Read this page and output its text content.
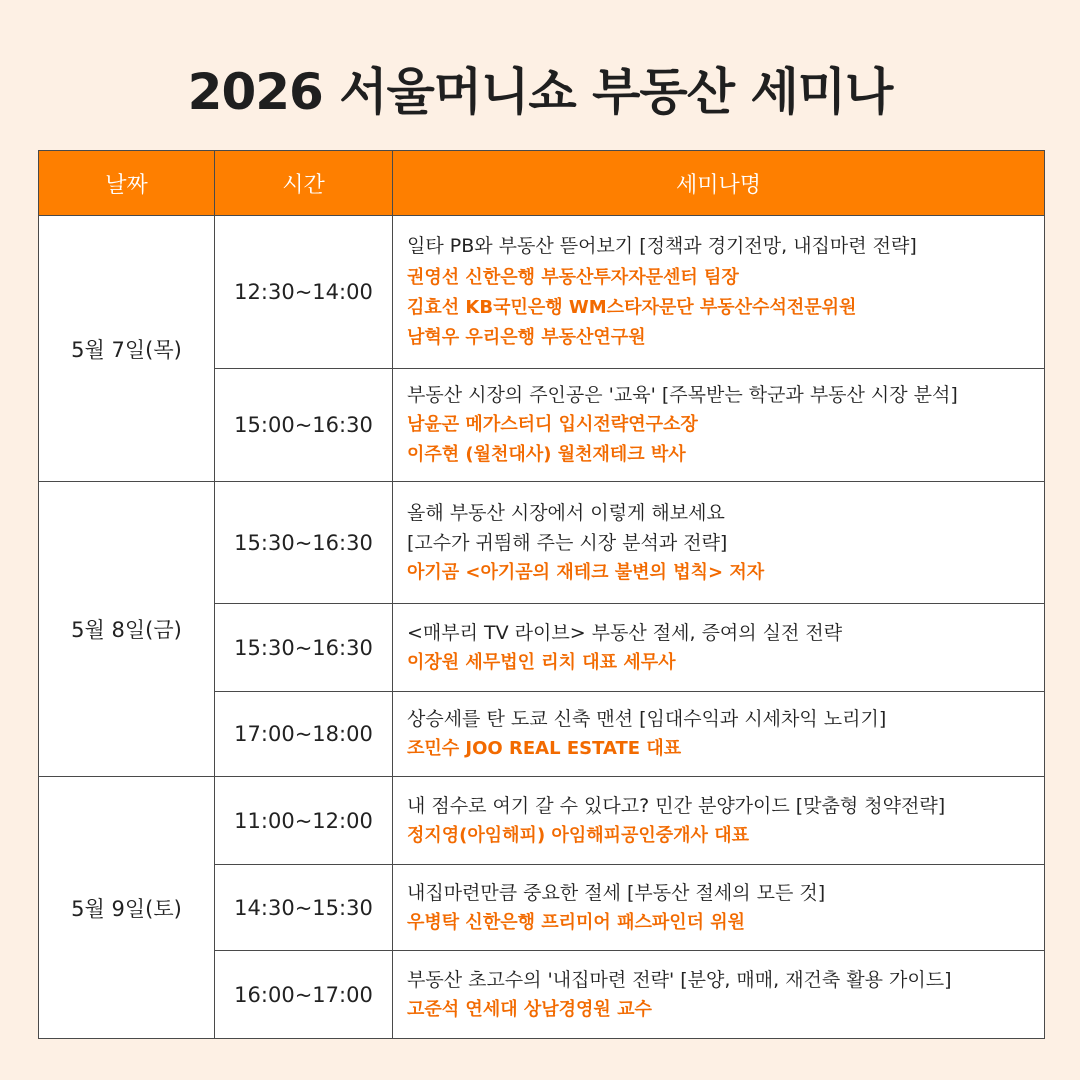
2026 서울머니쇼 부동산 세미나
날짜	시간	세미나명
5월 7일(목)	12:30~14:00	일타 PB와 부동산 뜯어보기 [정책과 경기전망, 내집마련 전략]
권영선 신한은행 부동산투자자문센터 팀장
김효선 KB국민은행 WM스타자문단 부동산수석전문위원
남혁우 우리은행 부동산연구원

	15:00~16:30	부동산 시장의 주인공은 '교육' [주목받는 학군과 부동산 시장 분석]
남윤곤 메가스터디 입시전략연구소장
이주현 (월천대사) 월천재테크 박사

5월 8일(금)	15:30~16:30	올해 부동산 시장에서 이렇게 해보세요
[고수가 귀띔해 주는 시장 분석과 전략]
아기곰 <아기곰의 재테크 불변의 법칙> 저자

	15:30~16:30	<매부리 TV 라이브> 부동산 절세, 증여의 실전 전략
이장원 세무법인 리치 대표 세무사

	17:00~18:00	상승세를 탄 도쿄 신축 맨션 [임대수익과 시세차익 노리기]
조민수 JOO REAL ESTATE 대표

5월 9일(토)	11:00~12:00	내 점수로 여기 갈 수 있다고? 민간 분양가이드 [맞춤형 청약전략]
정지영(아임해피) 아임해피공인중개사 대표

	14:30~15:30	내집마련만큼 중요한 절세 [부동산 절세의 모든 것]
우병탁 신한은행 프리미어 패스파인더 위원

	16:00~17:00	부동산 초고수의 '내집마련 전략' [분양, 매매, 재건축 활용 가이드]
고준석 연세대 상남경영원 교수
